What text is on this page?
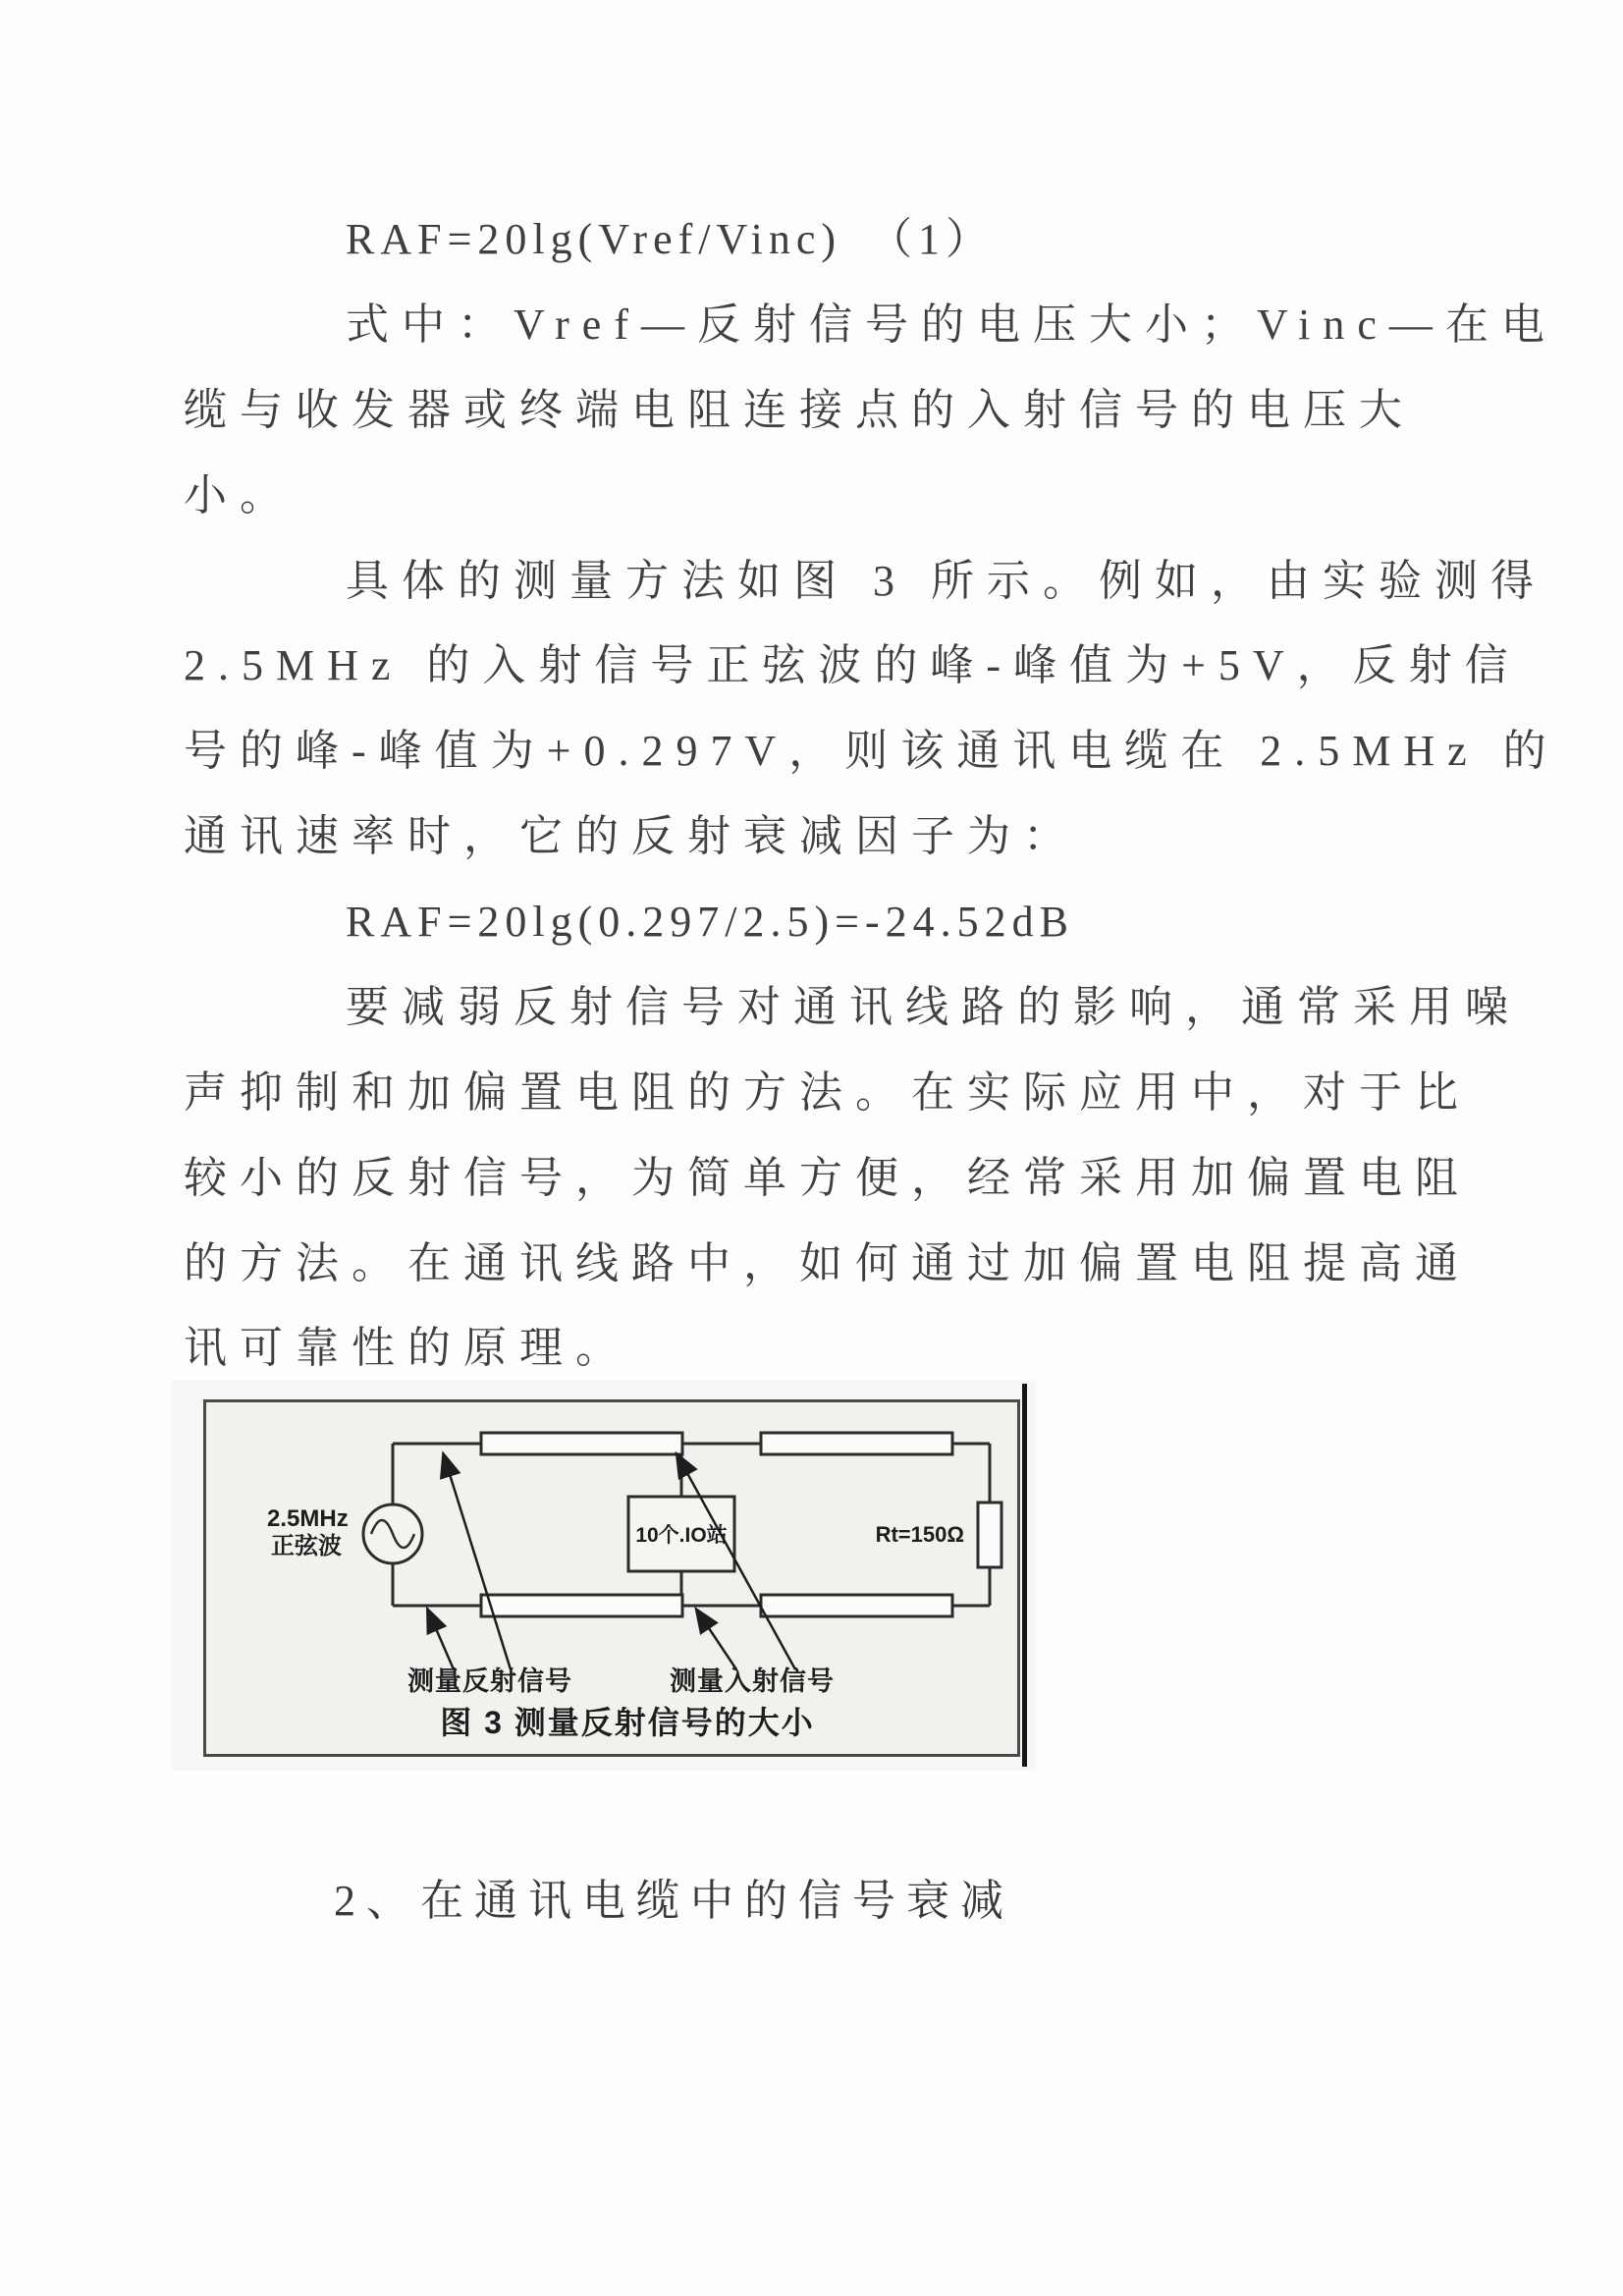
RAF=20lg(Vref/Vinc)　（1）
式中：Vref—反射信号的电压大小；Vinc—在电
缆与收发器或终端电阻连接点的入射信号的电压大
小。
具体的测量方法如图 3 所示。例如，由实验测得
2.5MHz 的入射信号正弦波的峰-峰值为+5V，反射信
号的峰-峰值为+0.297V，则该通讯电缆在 2.5MHz 的
通讯速率时，它的反射衰减因子为：
RAF=20lg(0.297/2.5)=-24.52dB
要减弱反射信号对通讯线路的影响，通常采用噪
声抑制和加偏置电阻的方法。在实际应用中，对于比
较小的反射信号，为简单方便，经常采用加偏置电阻
的方法。在通讯线路中，如何通过加偏置电阻提高通
讯可靠性的原理。
2.5MHz
正弦波	10个.IO站	Rt=150Ω
测量反射信号	测量入射信号
图 3 测量反射信号的大小
2、在通讯电缆中的信号衰减
